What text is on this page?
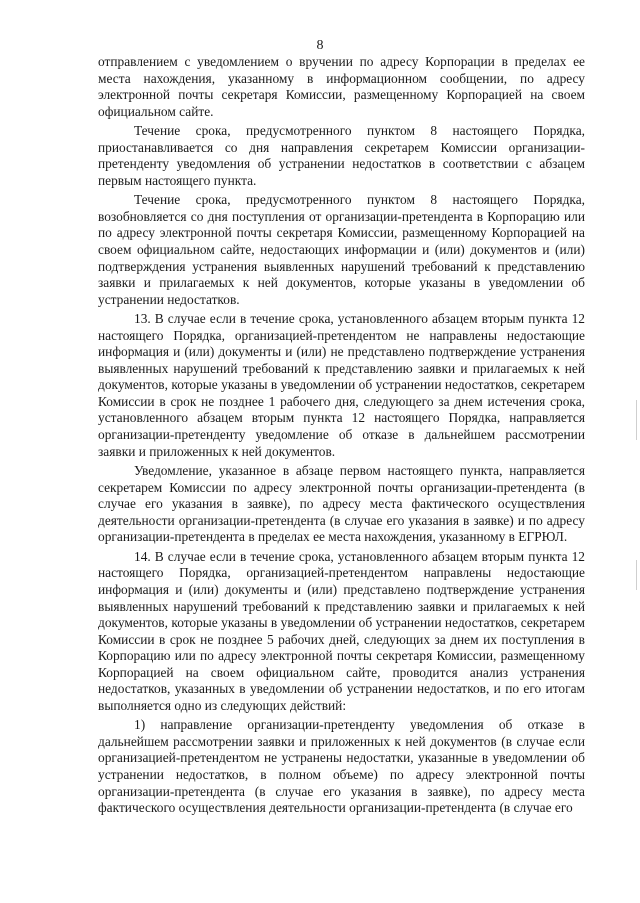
8

отправлением с уведомлением о вручении по адресу Корпорации в пределах ее места нахождения, указанному в информационном сообщении, по адресу электронной почты секретаря Комиссии, размещенному Корпорацией на своем официальном сайте.

Течение срока, предусмотренного пунктом 8 настоящего Порядка, приостанавливается со дня направления секретарем Комиссии организации-претенденту уведомления об устранении недостатков в соответствии с абзацем первым настоящего пункта.

Течение срока, предусмотренного пунктом 8 настоящего Порядка, возобновляется со дня поступления от организации-претендента в Корпорацию или по адресу электронной почты секретаря Комиссии, размещенному Корпорацией на своем официальном сайте, недостающих информации и (или) документов и (или) подтверждения устранения выявленных нарушений требований к представлению заявки и прилагаемых к ней документов, которые указаны в уведомлении об устранении недостатков.

13. В случае если в течение срока, установленного абзацем вторым пункта 12 настоящего Порядка, организацией-претендентом не направлены недостающие информация и (или) документы и (или) не представлено подтверждение устранения выявленных нарушений требований к представлению заявки и прилагаемых к ней документов, которые указаны в уведомлении об устранении недостатков, секретарем Комиссии в срок не позднее 1 рабочего дня, следующего за днем истечения срока, установленного абзацем вторым пункта 12 настоящего Порядка, направляется организации-претенденту уведомление об отказе в дальнейшем рассмотрении заявки и приложенных к ней документов.

Уведомление, указанное в абзаце первом настоящего пункта, направляется секретарем Комиссии по адресу электронной почты организации-претендента (в случае его указания в заявке), по адресу места фактического осуществления деятельности организации-претендента (в случае его указания в заявке) и по адресу организации-претендента в пределах ее места нахождения, указанному в ЕГРЮЛ.

14. В случае если в течение срока, установленного абзацем вторым пункта 12 настоящего Порядка, организацией-претендентом направлены недостающие информация и (или) документы и (или) представлено подтверждение устранения выявленных нарушений требований к представлению заявки и прилагаемых к ней документов, которые указаны в уведомлении об устранении недостатков, секретарем Комиссии в срок не позднее 5 рабочих дней, следующих за днем их поступления в Корпорацию или по адресу электронной почты секретаря Комиссии, размещенному Корпорацией на своем официальном сайте, проводится анализ устранения недостатков, указанных в уведомлении об устранении недостатков, и по его итогам выполняется одно из следующих действий:

1) направление организации-претенденту уведомления об отказе в дальнейшем рассмотрении заявки и приложенных к ней документов (в случае если организацией-претендентом не устранены недостатки, указанные в уведомлении об устранении недостатков, в полном объеме) по адресу электронной почты организации-претендента (в случае его указания в заявке), по адресу места фактического осуществления деятельности организации-претендента (в случае его
